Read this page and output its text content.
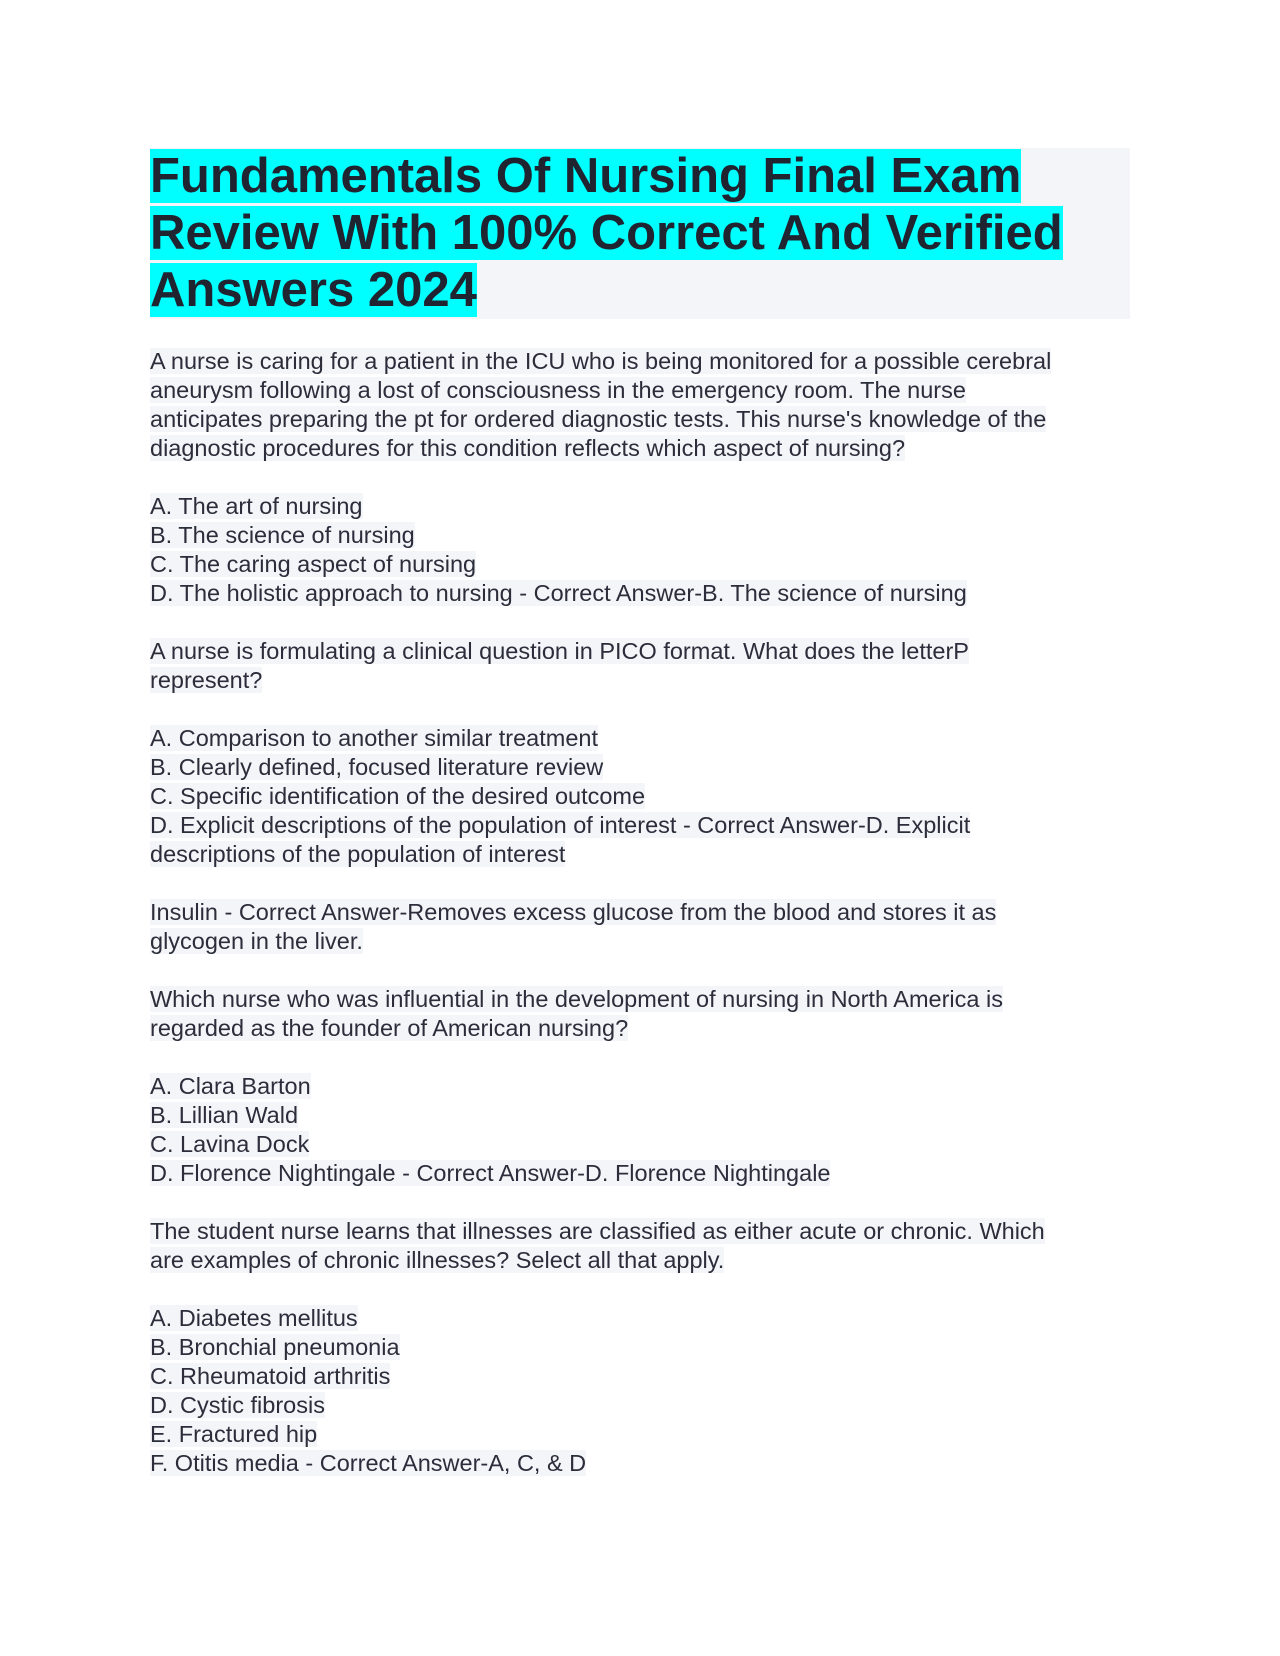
Fundamentals Of Nursing Final Exam
Review With 100% Correct And Verified
Answers 2024
A nurse is caring for a patient in the ICU who is being monitored for a possible cerebral
aneurysm following a lost of consciousness in the emergency room. The nurse
anticipates preparing the pt for ordered diagnostic tests. This nurse's knowledge of the
diagnostic procedures for this condition reflects which aspect of nursing?
A. The art of nursing
B. The science of nursing
C. The caring aspect of nursing
D. The holistic approach to nursing - Correct Answer-B. The science of nursing
A nurse is formulating a clinical question in PICO format. What does the letterP
represent?
A. Comparison to another similar treatment
B. Clearly defined, focused literature review
C. Specific identification of the desired outcome
D. Explicit descriptions of the population of interest - Correct Answer-D. Explicit
descriptions of the population of interest
Insulin - Correct Answer-Removes excess glucose from the blood and stores it as
glycogen in the liver.
Which nurse who was influential in the development of nursing in North America is
regarded as the founder of American nursing?
A. Clara Barton
B. Lillian Wald
C. Lavina Dock
D. Florence Nightingale - Correct Answer-D. Florence Nightingale
The student nurse learns that illnesses are classified as either acute or chronic. Which
are examples of chronic illnesses? Select all that apply.
A. Diabetes mellitus
B. Bronchial pneumonia
C. Rheumatoid arthritis
D. Cystic fibrosis
E. Fractured hip
F. Otitis media - Correct Answer-A, C, & D
